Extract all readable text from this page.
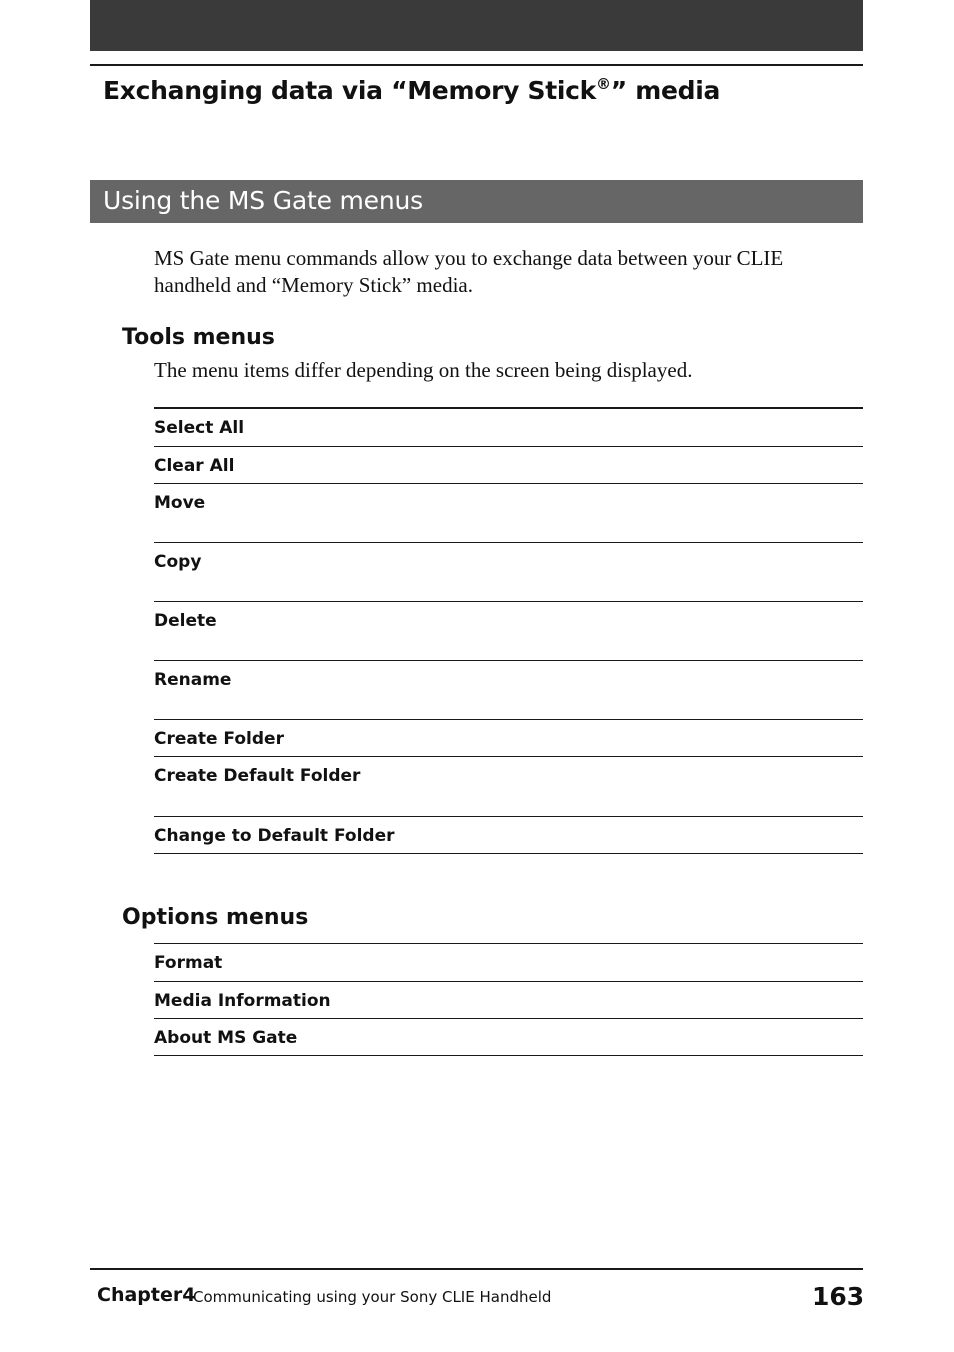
Exchanging data via “Memory Stick®” media
Using the MS Gate menus
MS Gate menu commands allow you to exchange data between your CLIE handheld and “Memory Stick” media.
Tools menus
The menu items differ depending on the screen being displayed.
Select All
Clear All
Move
Copy
Delete
Rename
Create Folder
Create Default Folder
Change to Default Folder
Options menus
Format
Media Information
About MS Gate
Chapter4
Communicating using your Sony CLIE Handheld	163
